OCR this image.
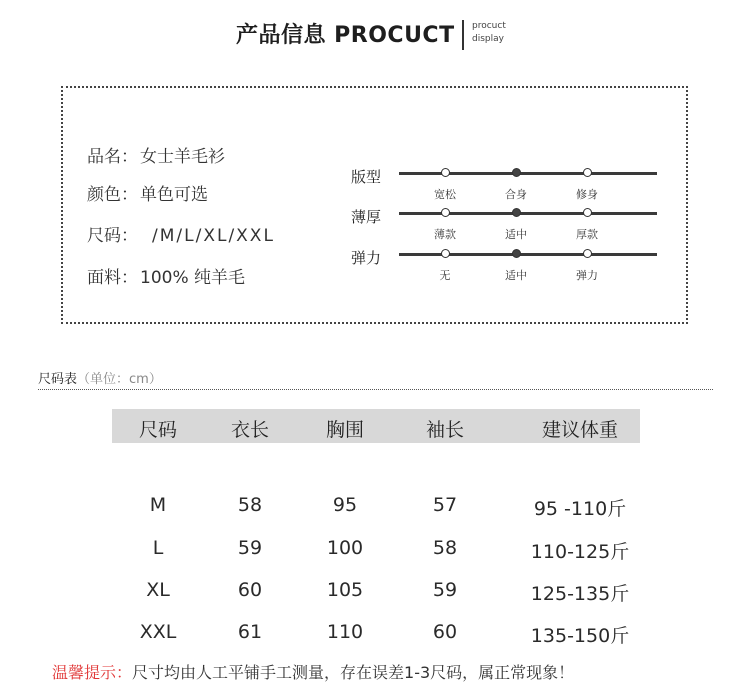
产品信息 PROCUCT procuct
display
品名： 女士羊毛衫
颜色： 单色可选
尺码： /M/L/XL/XXL
面料： 100% 纯羊毛
版型
宽松	合身	修身
薄厚
薄款	适中	厚款
弹力
无	适中	弹力
尺码表（单位：cm）
尺码	衣长	胸围	袖长	建议体重
M	58	95	57	95 -110斤
L	59	100	58	110-125斤
XL	60	105	59	125-135斤
XXL	61	110	60	135-150斤
温馨提示：尺寸均由人工平铺手工测量，存在误差1-3尺码，属正常现象！
